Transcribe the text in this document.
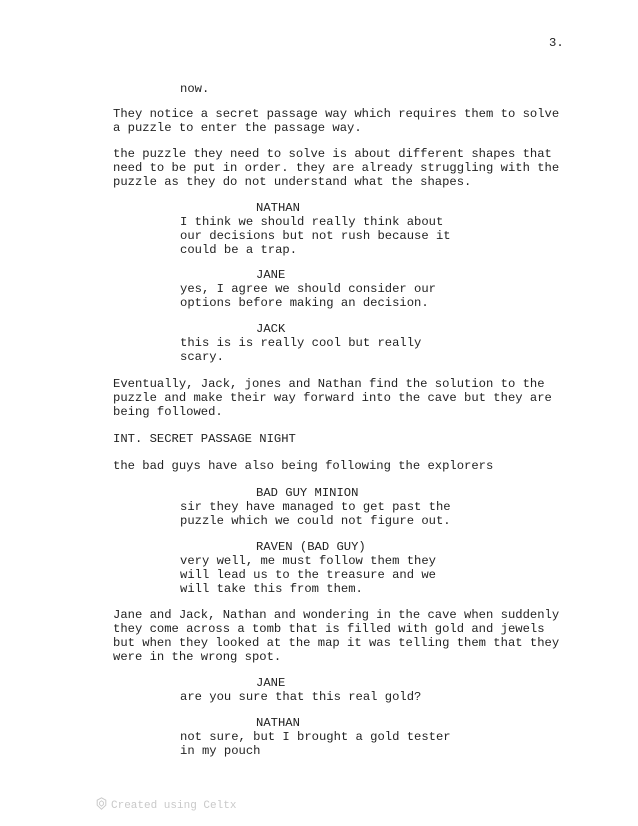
3.
now.
They notice a secret passage way which requires them to solve
a puzzle to enter the passage way.
the puzzle they need to solve is about different shapes that
need to be put in order. they are already struggling with the
puzzle as they do not understand what the shapes.
NATHAN
I think we should really think about
our decisions but not rush because it
could be a trap.
JANE
yes, I agree we should consider our
options before making an decision.
JACK
this is is really cool but really
scary.
Eventually, Jack, jones and Nathan find the solution to the
puzzle and make their way forward into the cave but they are
being followed.
INT. SECRET PASSAGE NIGHT
the bad guys have also being following the explorers
BAD GUY MINION
sir they have managed to get past the
puzzle which we could not figure out.
RAVEN (BAD GUY)
very well, me must follow them they
will lead us to the treasure and we
will take this from them.
Jane and Jack, Nathan and wondering in the cave when suddenly
they come across a tomb that is filled with gold and jewels
but when they looked at the map it was telling them that they
were in the wrong spot.
JANE
are you sure that this real gold?
NATHAN
not sure, but I brought a gold tester
in my pouch
Created using Celtx
